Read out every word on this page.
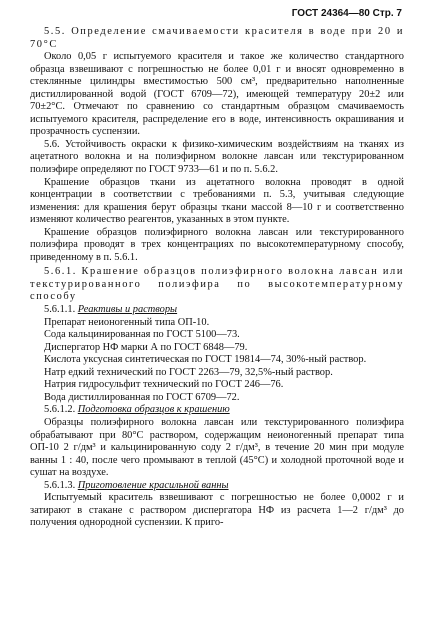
ГОСТ 24364—80 Стр. 7

5.5. Определение смачиваемости красителя в воде при 20 и 70°С

Около 0,05 г испытуемого красителя и такое же количество стандартного образца взвешивают с погрешностью не более 0,01 г и вносят одновременно в стеклянные цилиндры вместимостью 500 см³, предварительно наполненные дистиллированной водой (ГОСТ 6709—72), имеющей температуру 20±2 или 70±2°С. Отмечают по сравнению со стандартным образцом смачиваемость испытуемого красителя, распределение его в воде, интенсивность окрашивания и прозрачность суспензии.

5.6. Устойчивость окраски к физико-химическим воздействиям на тканях из ацетатного волокна и на полиэфирном волокне лавсан или текстурированном полиэфире определяют по ГОСТ 9733—61 и по п. 5.6.2.

Крашение образцов ткани из ацетатного волокна проводят в одной концентрации в соответствии с требованиями п. 5.3, учитывая следующие изменения: для крашения берут образцы ткани массой 8—10 г и соответственно изменяют количество реагентов, указанных в этом пункте.

Крашение образцов полиэфирного волокна лавсан или текстурированного полиэфира проводят в трех концентрациях по высокотемпературному способу, приведенному в п. 5.6.1.

5.6.1. Крашение образцов полиэфирного волокна лавсан или текстурированного полиэфира по высокотемпературному способу

5.6.1.1. Реактивы и растворы

Препарат неионогенный типа ОП-10.

Сода кальцинированная по ГОСТ 5100—73.

Диспергатор НФ марки А по ГОСТ 6848—79.

Кислота уксусная синтетическая по ГОСТ 19814—74, 30%-ный раствор.

Натр едкий технический по ГОСТ 2263—79, 32,5%-ный раствор.

Натрия гидросульфит технический по ГОСТ 246—76.

Вода дистиллированная по ГОСТ 6709—72.

5.6.1.2. Подготовка образцов к крашению

Образцы полиэфирного волокна лавсан или текстурированного полиэфира обрабатывают при 80°С раствором, содержащим неионогенный препарат типа ОП-10 2 г/дм³ и кальцинированную соду 2 г/дм³, в течение 20 мин при модуле ванны 1 : 40, после чего промывают в теплой (45°С) и холодной проточной воде и сушат на воздухе.

5.6.1.3. Приготовление красильной ванны

Испытуемый краситель взвешивают с погрешностью не более 0,0002 г и затирают в стакане с раствором диспергатора НФ из расчета 1—2 г/дм³ до получения однородной суспензии. К приго-
